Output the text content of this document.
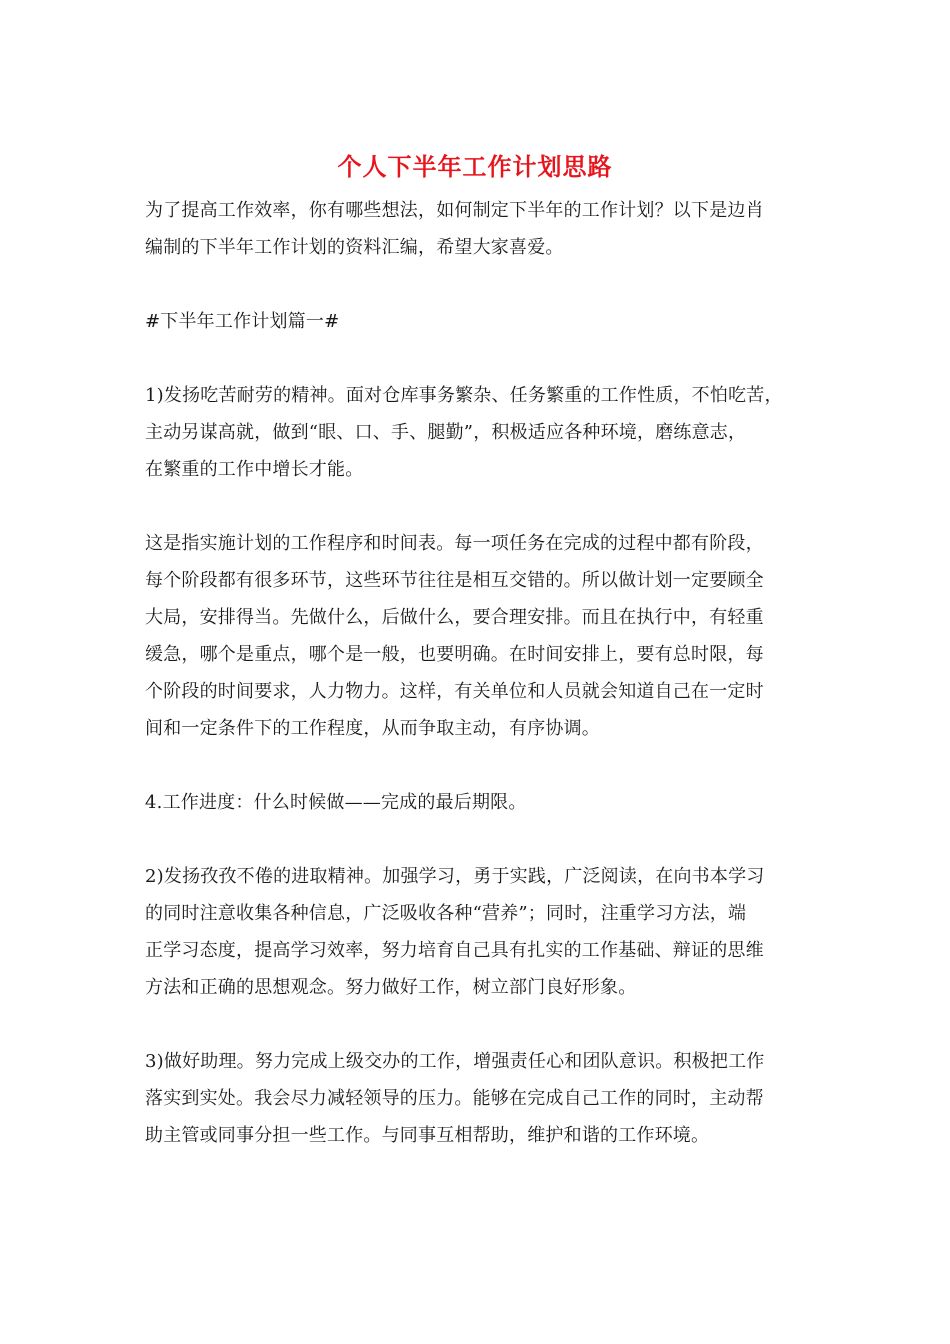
个人下半年工作计划思路

为了提高工作效率，你有哪些想法，如何制定下半年的工作计划？以下是边肖
编制的下半年工作计划的资料汇编，希望大家喜爱。

#下半年工作计划篇一#

1)发扬吃苦耐劳的精神。面对仓库事务繁杂、任务繁重的工作性质，不怕吃苦，
主动另谋高就，做到“眼、口、手、腿勤”，积极适应各种环境，磨练意志，
在繁重的工作中增长才能。

这是指实施计划的工作程序和时间表。每一项任务在完成的过程中都有阶段，
每个阶段都有很多环节，这些环节往往是相互交错的。所以做计划一定要顾全
大局，安排得当。先做什么，后做什么，要合理安排。而且在执行中，有轻重
缓急，哪个是重点，哪个是一般，也要明确。在时间安排上，要有总时限，每
个阶段的时间要求，人力物力。这样，有关单位和人员就会知道自己在一定时
间和一定条件下的工作程度，从而争取主动，有序协调。

4.工作进度：什么时候做——完成的最后期限。

2)发扬孜孜不倦的进取精神。加强学习，勇于实践，广泛阅读，在向书本学习
的同时注意收集各种信息，广泛吸收各种“营养”；同时，注重学习方法，端
正学习态度，提高学习效率，努力培育自己具有扎实的工作基础、辩证的思维
方法和正确的思想观念。努力做好工作，树立部门良好形象。

3)做好助理。努力完成上级交办的工作，增强责任心和团队意识。积极把工作
落实到实处。我会尽力减轻领导的压力。能够在完成自己工作的同时，主动帮
助主管或同事分担一些工作。与同事互相帮助，维护和谐的工作环境。
